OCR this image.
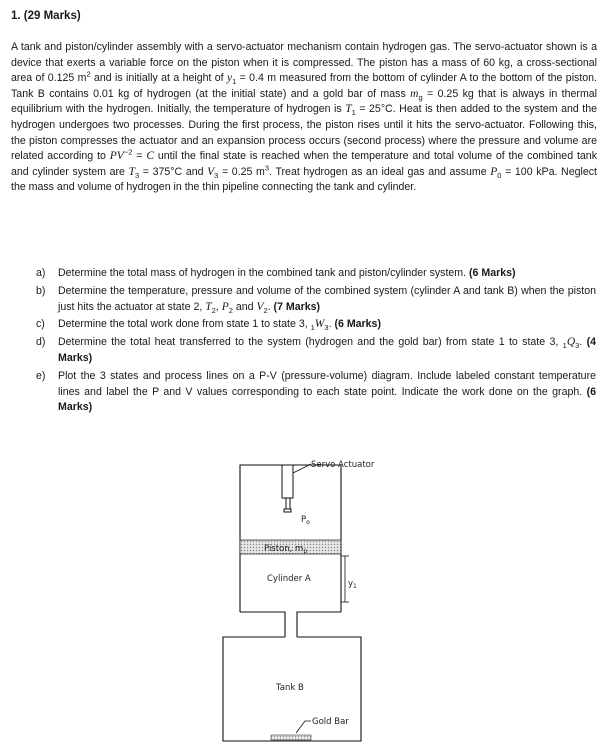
1. (29 Marks)

A tank and piston/cylinder assembly with a servo-actuator mechanism contain hydrogen gas. The servo-actuator shown is a device that exerts a variable force on the piston when it is compressed. The piston has a mass of 60 kg, a cross-sectional area of 0.125 $m^2$ and is initially at a height of $y_1 = 0.4$ m measured from the bottom of cylinder A to the bottom of the piston. Tank B contains 0.01 kg of hydrogen (at the initial state) and a gold bar of mass $m_g = 0.25$ kg that is always in thermal equilibrium with the hydrogen. Initially, the temperature of hydrogen is $T_1 = 25^\circ C$. Heat is then added to the system and the hydrogen undergoes two processes. During the first process, the piston rises until it hits the servo-actuator. Following this, the piston compresses the actuator and an expansion process occurs (second process) where the pressure and volume are related according to $PV^{-2} = C$ until the final state is reached when the temperature and total volume of the combined tank and cylinder system are $T_3 = 375^\circ C$ and $V_3 = 0.25$ $m^3$. Treat hydrogen as an ideal gas and assume $P_0 = 100$ kPa. Neglect the mass and volume of hydrogen in the thin pipeline connecting the tank and cylinder.

a) Determine the total mass of hydrogen in the combined tank and piston/cylinder system. (6 Marks)
b) Determine the temperature, pressure and volume of the combined system (cylinder A and tank B) when the piston just hits the actuator at state 2, $T_2$, $P_2$ and $V_2$. (7 Marks)
c) Determine the total work done from state 1 to state 3, $_1W_3$. (6 Marks)
d) Determine the total heat transferred to the system (hydrogen and the gold bar) from state 1 to state 3, $_1Q_3$. (4 Marks)
e) Plot the 3 states and process lines on a P-V (pressure-volume) diagram. Include labeled constant temperature lines and label the P and V values corresponding to each state point. Indicate the work done on the graph. (6 Marks)
Servo Actuator
$P_o$
Piston, $m_p$
Cylinder A	$y_1$
Tank B
Gold Bar
